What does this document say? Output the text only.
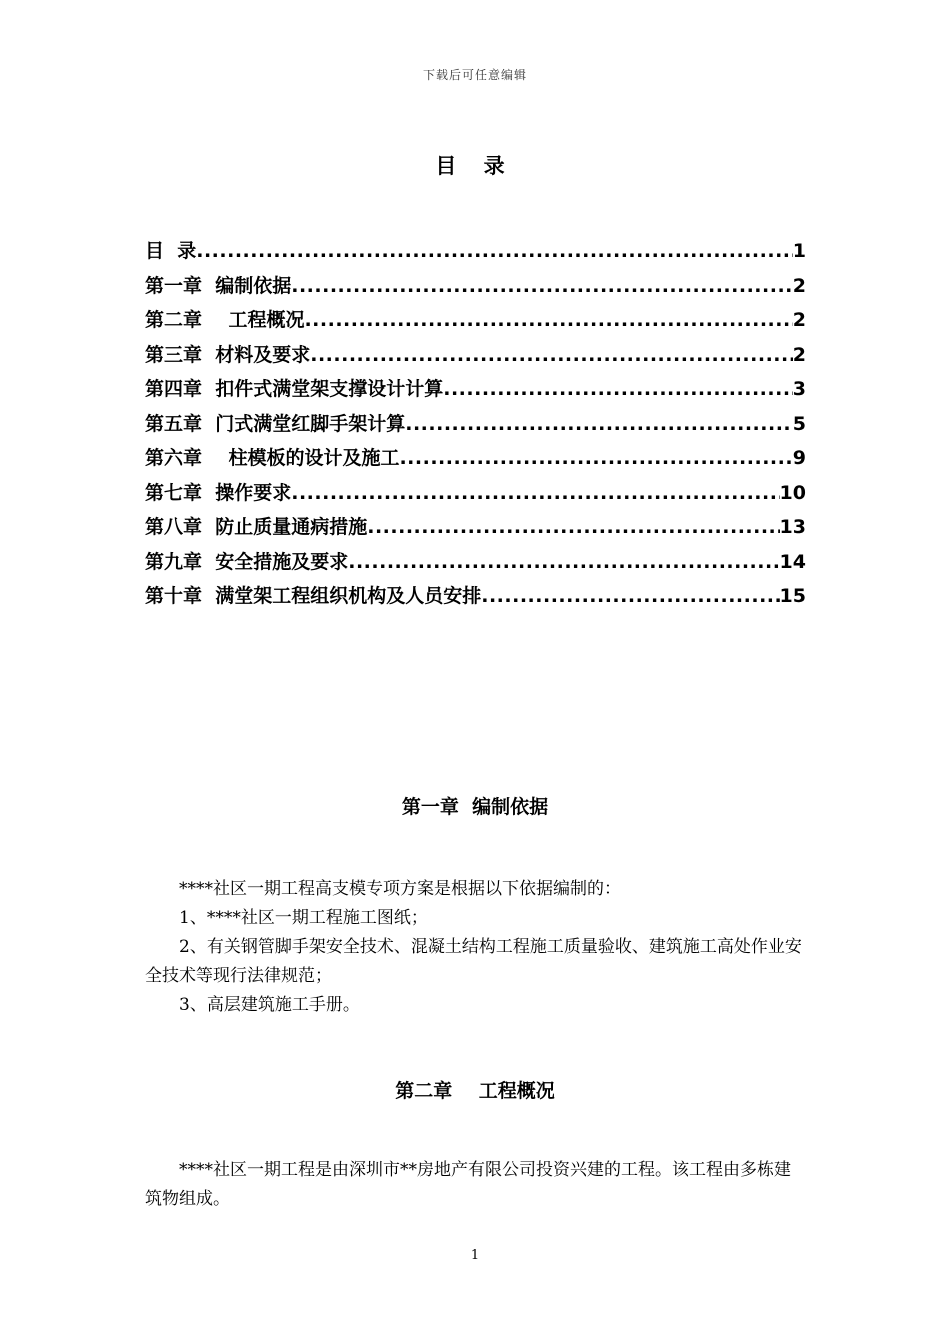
下载后可任意编辑
目 录
目  录 .....	1
第一章  编制依据 .....	2
第二章    工程概况 .....	2
第三章  材料及要求 .....	2
第四章  扣件式满堂架支撑设计计算 .....	3
第五章  门式满堂红脚手架计算 .....	5
第六章    柱模板的设计及施工 .....	9
第七章  操作要求 .....	10
第八章  防止质量通病措施 .....	13
第九章  安全措施及要求 .....	14
第十章  满堂架工程组织机构及人员安排 .....	15
第一章  编制依据

****社区一期工程高支模专项方案是根据以下依据编制的：

1、****社区一期工程施工图纸；

2、有关钢管脚手架安全技术、混凝土结构工程施工质量验收、建筑施工高处作业安全技术等现行法律规范；

3、高层建筑施工手册。

第二章    工程概况

****社区一期工程是由深圳市**房地产有限公司投资兴建的工程。该工程由多栋建筑物组成。

1
